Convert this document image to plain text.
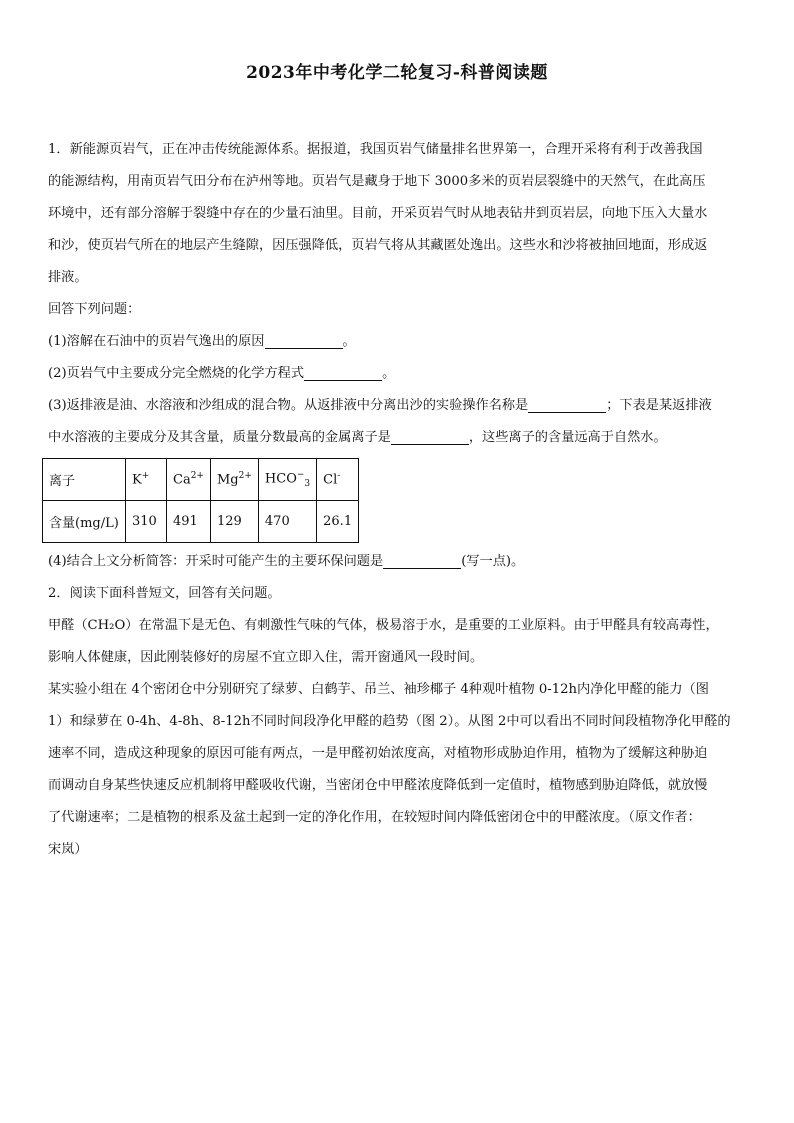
2023年中考化学二轮复习-科普阅读题
1．新能源页岩气，正在冲击传统能源体系。据报道，我国页岩气储量排名世界第一，合理开采将有利于改善我国
的能源结构，用南页岩气田分布在泸州等地。页岩气是藏身于地下 3000多米的页岩层裂缝中的天然气，在此高压
环境中，还有部分溶解于裂缝中存在的少量石油里。目前，开采页岩气时从地表钻井到页岩层，向地下压入大量水
和沙，使页岩气所在的地层产生缝隙，因压强降低，页岩气将从其藏匿处逸出。这些水和沙将被抽回地面，形成返
排液。
回答下列问题：
(1)溶解在石油中的页岩气逸出的原因	。
(2)页岩气中主要成分完全燃烧的化学方程式	。
(3)返排液是油、水溶液和沙组成的混合物。从返排液中分离出沙的实验操作名称是	；下表是某返排液
中水溶液的主要成分及其含量，质量分数最高的金属离子是	，这些离子的含量远高于自然水。
离子	K+	$Ca^{2+}$	$Mg^{2+}$	$HCO^-_3$	Cl-
含量(mg/L)	310	491	129	470	26.1
(4)结合上文分析简答：开采时可能产生的主要环保问题是	(写一点)。
2．阅读下面科普短文，回答有关问题。
甲醛（CH₂O）在常温下是无色、有刺激性气味的气体，极易溶于水，是重要的工业原料。由于甲醛具有较高毒性，
影响人体健康，因此刚装修好的房屋不宜立即入住，需开窗通风一段时间。
某实验小组在 4个密闭仓中分别研究了绿萝、白鹤芋、吊兰、袖珍椰子 4种观叶植物 0-12h内净化甲醛的能力（图
1）和绿萝在 0-4h、4-8h、8-12h不同时间段净化甲醛的趋势（图 2）。从图 2中可以看出不同时间段植物净化甲醛的
速率不同，造成这种现象的原因可能有两点，一是甲醛初始浓度高，对植物形成胁迫作用，植物为了缓解这种胁迫
而调动自身某些快速反应机制将甲醛吸收代谢，当密闭仓中甲醛浓度降低到一定值时，植物感到胁迫降低，就放慢
了代谢速率；二是植物的根系及盆土起到一定的净化作用，在较短时间内降低密闭仓中的甲醛浓度。（原文作者：
宋岚）
